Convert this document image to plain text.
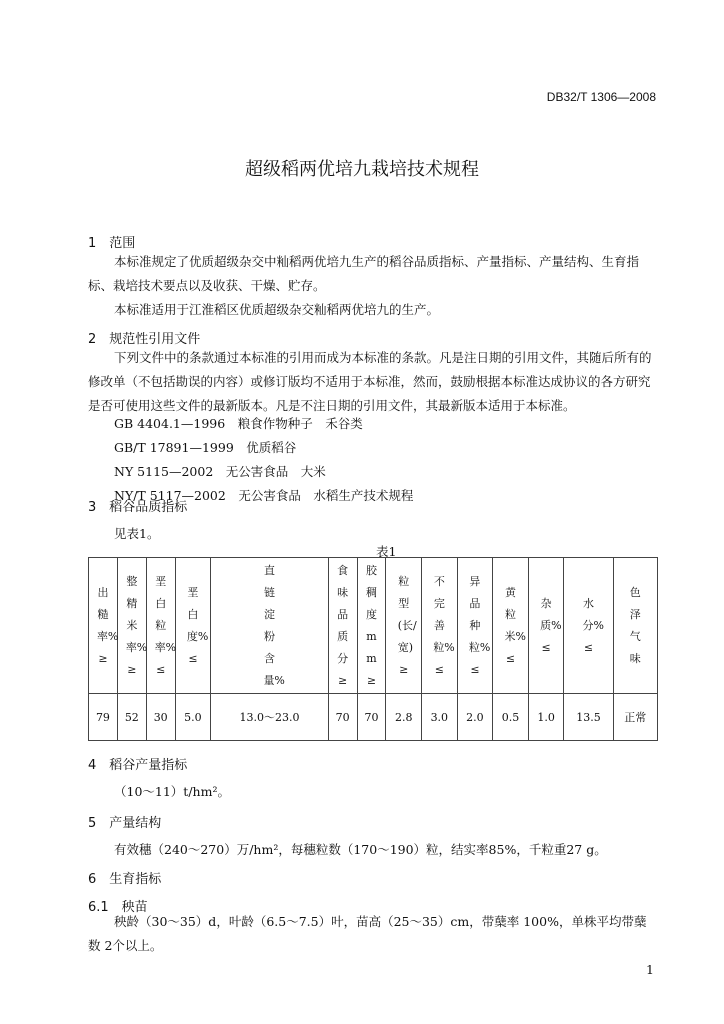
DB32/T 1306—2008
超级稻两优培九栽培技术规程
1　范围
本标准规定了优质超级杂交中籼稻两优培九生产的稻谷品质指标、产量指标、产量结构、生育指标、栽培技术要点以及收获、干燥、贮存。
本标准适用于江淮稻区优质超级杂交籼稻两优培九的生产。
2　规范性引用文件
下列文件中的条款通过本标准的引用而成为本标准的条款。凡是注日期的引用文件，其随后所有的修改单（不包括勘误的内容）或修订版均不适用于本标准，然而，鼓励根据本标准达成协议的各方研究是否可使用这些文件的最新版本。凡是不注日期的引用文件，其最新版本适用于本标准。
GB 4404.1—1996　粮食作物种子　禾谷类
GB/T 17891—1999　优质稻谷
NY 5115—2002　无公害食品　大米
NY/T 5117—2002　无公害食品　水稻生产技术规程
3　稻谷品质指标
见表1。
表1
出糙率%≥	整精米率%≥	垩白粒率%≤	垩白度%≤	直链淀粉含量%	食味品质分≥	胶稠度mm≥	粒型(长/宽)≥	不完善粒%≤	异品种粒%≤	黄粒米%≤	杂质%≤	水分%≤	色泽气味
79	52	30	5.0	13.0～23.0	70	70	2.8	3.0	2.0	0.5	1.0	13.5	正常
4　稻谷产量指标
（10～11）t/hm²。
5　产量结构
有效穗（240～270）万/hm²，每穗粒数（170～190）粒，结实率85%，千粒重27 g。
6　生育指标
6.1　秧苗
秧龄（30～35）d，叶龄（6.5～7.5）叶，苗高（25～35）cm，带蘖率 100%，单株平均带蘖数 2个以上。
1
